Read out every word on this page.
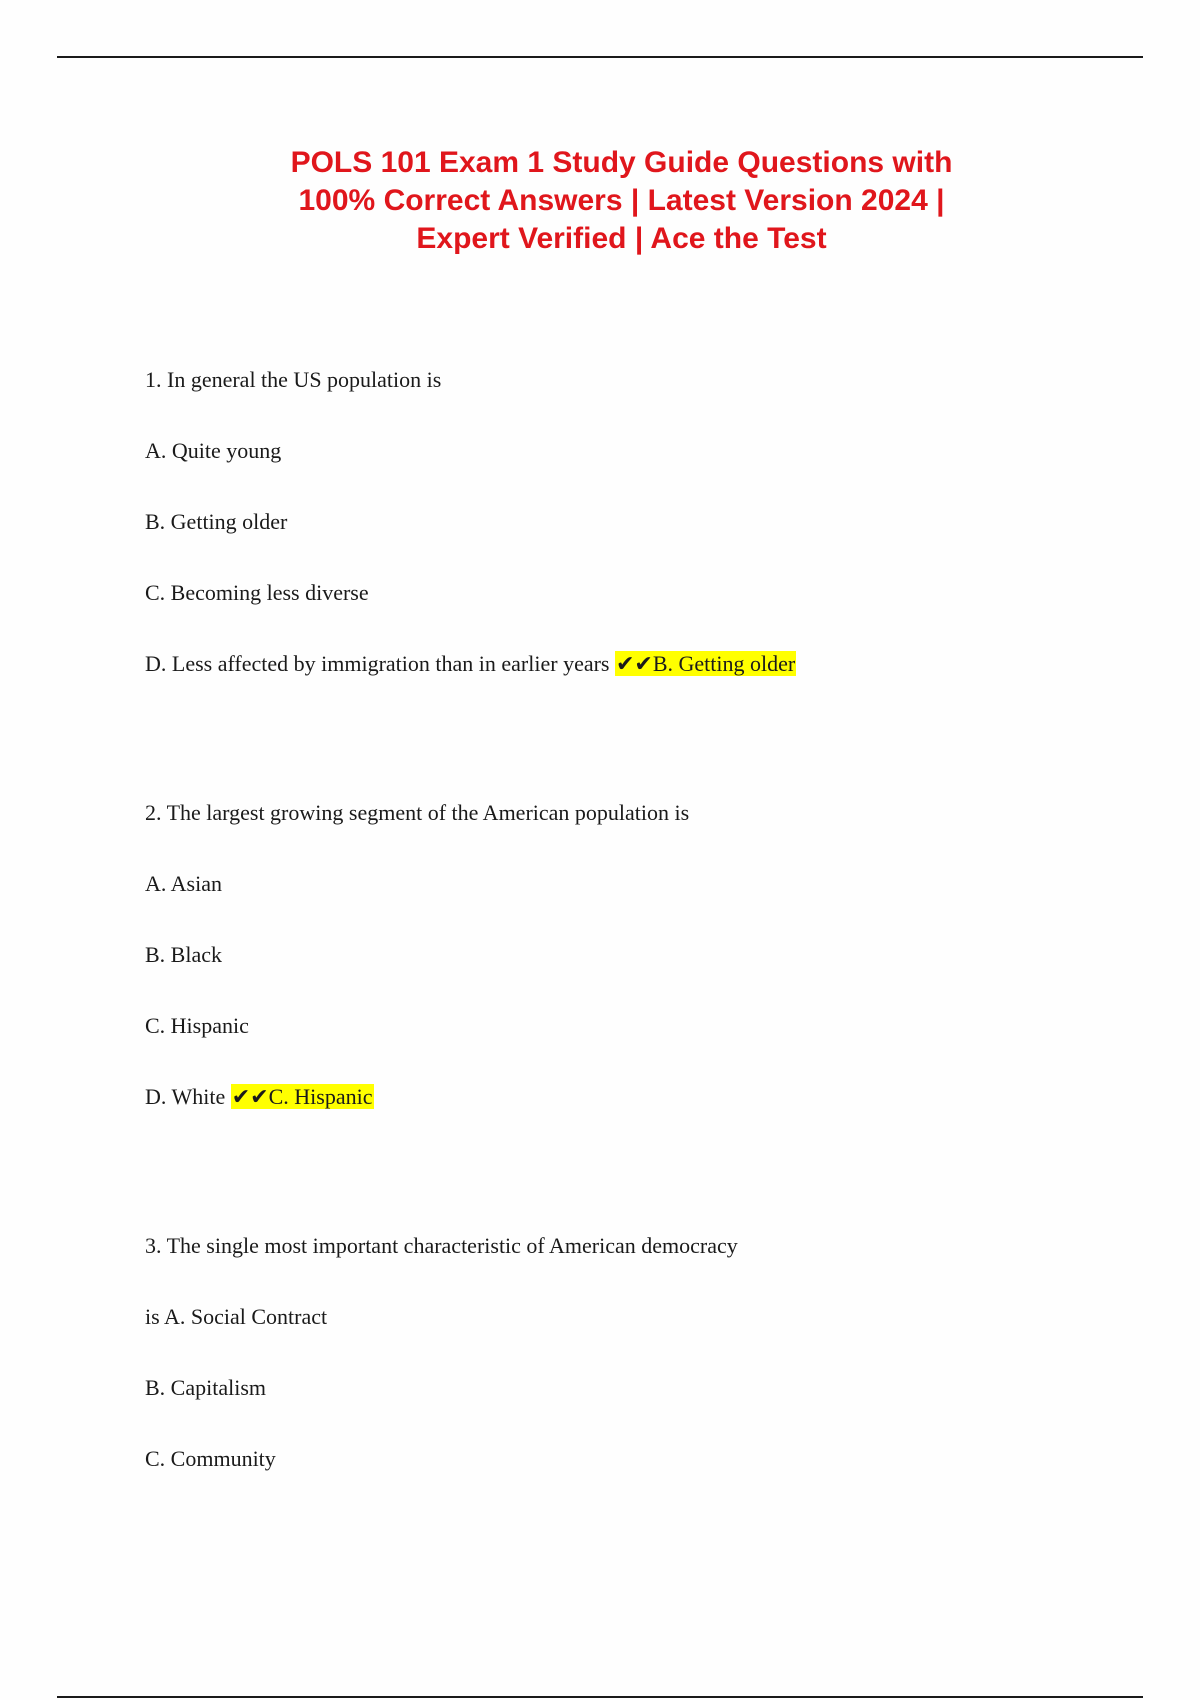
POLS 101 Exam 1 Study Guide Questions with
100% Correct Answers | Latest Version 2024 |
Expert Verified | Ace the Test
1. In general the US population is
A. Quite young
B. Getting older
C. Becoming less diverse
D. Less affected by immigration than in earlier years ✔✔B. Getting older
2. The largest growing segment of the American population is
A. Asian
B. Black
C. Hispanic
D. White ✔✔C. Hispanic
3. The single most important characteristic of American democracy
is A. Social Contract
B. Capitalism
C. Community
